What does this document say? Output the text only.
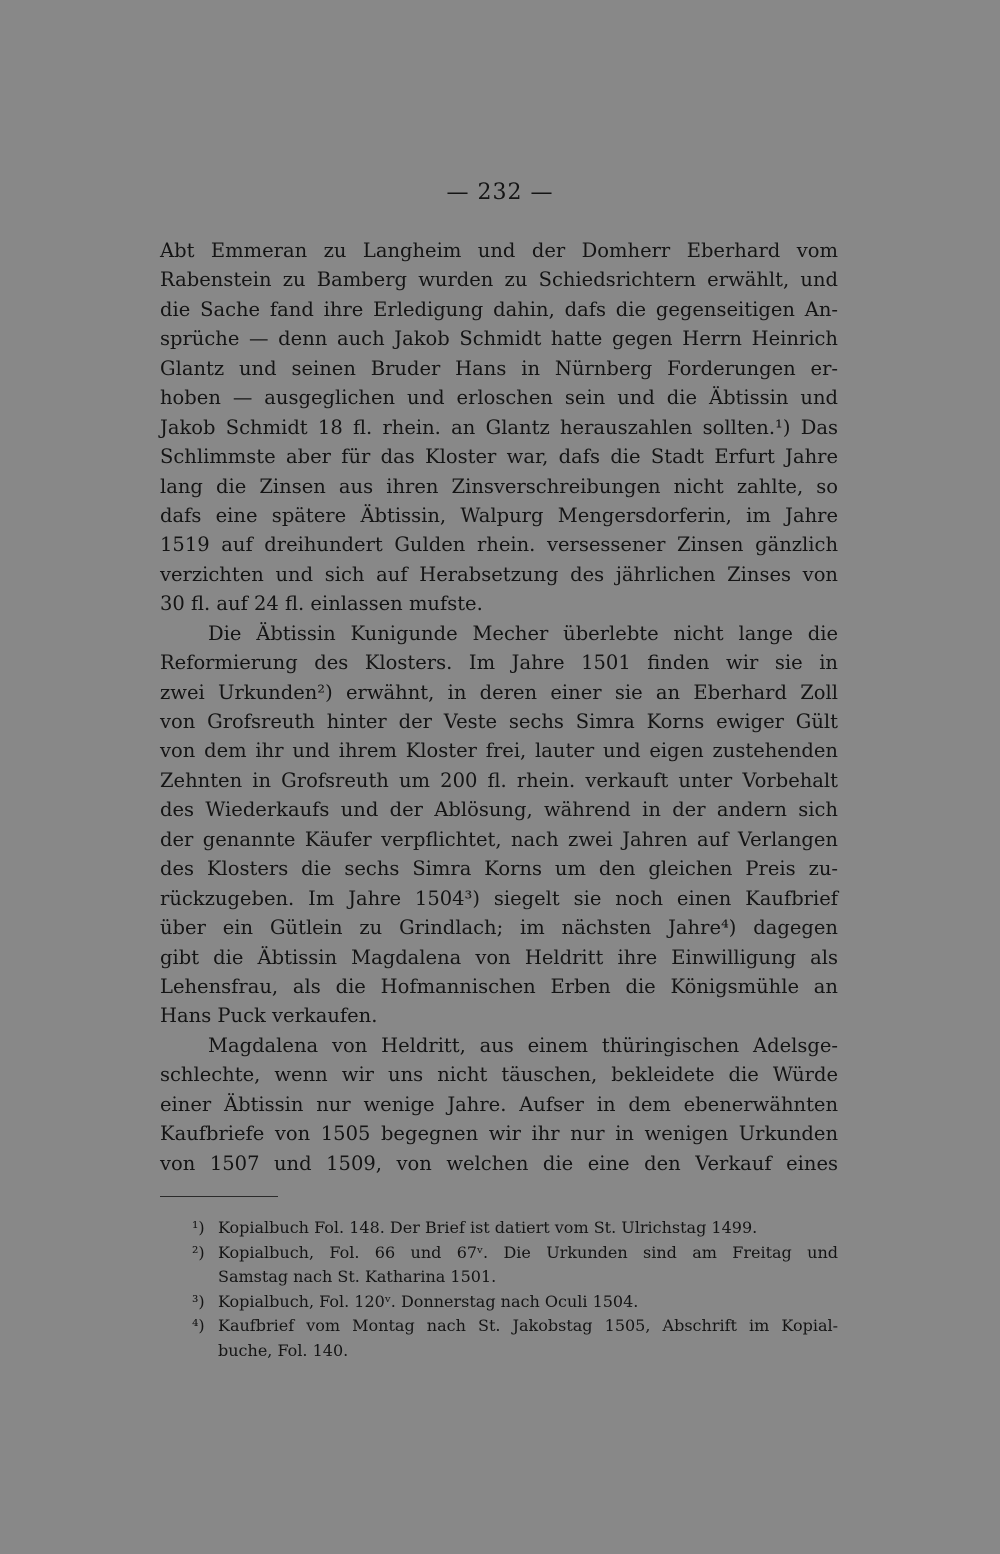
— 232 —
Abt Emmeran zu Langheim und der Domherr Eberhard vom
Rabenstein zu Bamberg wurden zu Schiedsrichtern erwählt, und
die Sache fand ihre Erledigung dahin, dafs die gegenseitigen An-
sprüche — denn auch Jakob Schmidt hatte gegen Herrn Heinrich
Glantz und seinen Bruder Hans in Nürnberg Forderungen er-
hoben — ausgeglichen und erloschen sein und die Äbtissin und
Jakob Schmidt 18 fl. rhein. an Glantz herauszahlen sollten.¹) Das
Schlimmste aber für das Kloster war, dafs die Stadt Erfurt Jahre
lang die Zinsen aus ihren Zinsverschreibungen nicht zahlte, so
dafs eine spätere Äbtissin, Walpurg Mengersdorferin, im Jahre
1519 auf dreihundert Gulden rhein. versessener Zinsen gänzlich
verzichten und sich auf Herabsetzung des jährlichen Zinses von
30 fl. auf 24 fl. einlassen mufste.
Die Äbtissin Kunigunde Mecher überlebte nicht lange die
Reformierung des Klosters. Im Jahre 1501 finden wir sie in
zwei Urkunden²) erwähnt, in deren einer sie an Eberhard Zoll
von Grofsreuth hinter der Veste sechs Simra Korns ewiger Gült
von dem ihr und ihrem Kloster frei, lauter und eigen zustehenden
Zehnten in Grofsreuth um 200 fl. rhein. verkauft unter Vorbehalt
des Wiederkaufs und der Ablösung, während in der andern sich
der genannte Käufer verpflichtet, nach zwei Jahren auf Verlangen
des Klosters die sechs Simra Korns um den gleichen Preis zu-
rückzugeben. Im Jahre 1504³) siegelt sie noch einen Kaufbrief
über ein Gütlein zu Grindlach; im nächsten Jahre⁴) dagegen
gibt die Äbtissin Magdalena von Heldritt ihre Einwilligung als
Lehensfrau, als die Hofmannischen Erben die Königsmühle an
Hans Puck verkaufen.
Magdalena von Heldritt, aus einem thüringischen Adelsge-
schlechte, wenn wir uns nicht täuschen, bekleidete die Würde
einer Äbtissin nur wenige Jahre. Aufser in dem ebenerwähnten
Kaufbriefe von 1505 begegnen wir ihr nur in wenigen Urkunden
von 1507 und 1509, von welchen die eine den Verkauf eines
¹) Kopialbuch Fol. 148. Der Brief ist datiert vom St. Ulrichstag 1499.
²) Kopialbuch, Fol. 66 und 67ᵛ. Die Urkunden sind am Freitag und
Samstag nach St. Katharina 1501.
³) Kopialbuch, Fol. 120ᵛ. Donnerstag nach Oculi 1504.
⁴) Kaufbrief vom Montag nach St. Jakobstag 1505, Abschrift im Kopial-
buche, Fol. 140.
